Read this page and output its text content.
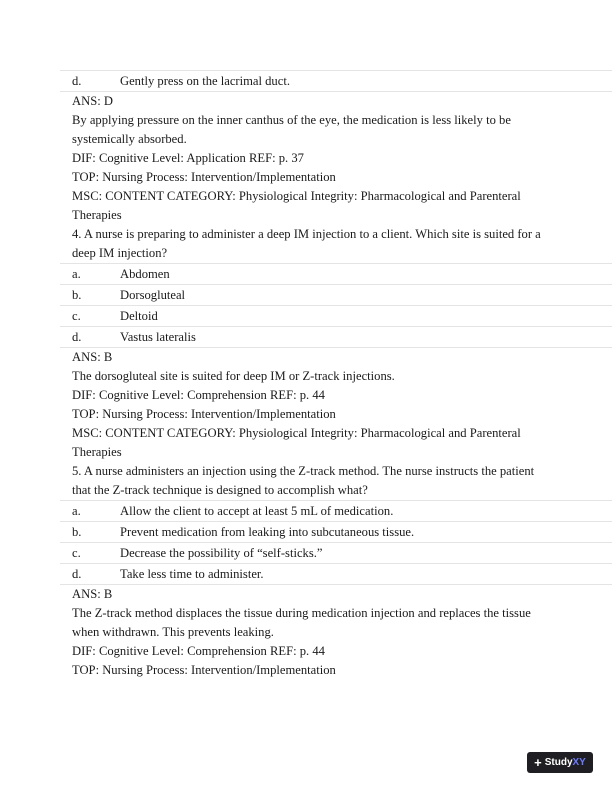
d.	Gently press on the lacrimal duct.
ANS: D
By applying pressure on the inner canthus of the eye, the medication is less likely to be systemically absorbed.
DIF: Cognitive Level: Application REF: p. 37
TOP: Nursing Process: Intervention/Implementation
MSC: CONTENT CATEGORY: Physiological Integrity: Pharmacological and Parenteral Therapies
4. A nurse is preparing to administer a deep IM injection to a client. Which site is suited for a deep IM injection?
a.	Abdomen
b.	Dorsogluteal
c.	Deltoid
d.	Vastus lateralis
ANS: B
The dorsogluteal site is suited for deep IM or Z-track injections.
DIF: Cognitive Level: Comprehension REF: p. 44
TOP: Nursing Process: Intervention/Implementation
MSC: CONTENT CATEGORY: Physiological Integrity: Pharmacological and Parenteral Therapies
5. A nurse administers an injection using the Z-track method. The nurse instructs the patient that the Z-track technique is designed to accomplish what?
a.	Allow the client to accept at least 5 mL of medication.
b.	Prevent medication from leaking into subcutaneous tissue.
c.	Decrease the possibility of “self-sticks.”
d.	Take less time to administer.
ANS: B
The Z-track method displaces the tissue during medication injection and replaces the tissue when withdrawn. This prevents leaking.
DIF: Cognitive Level: Comprehension REF: p. 44
TOP: Nursing Process: Intervention/Implementation
+ StudyXY
